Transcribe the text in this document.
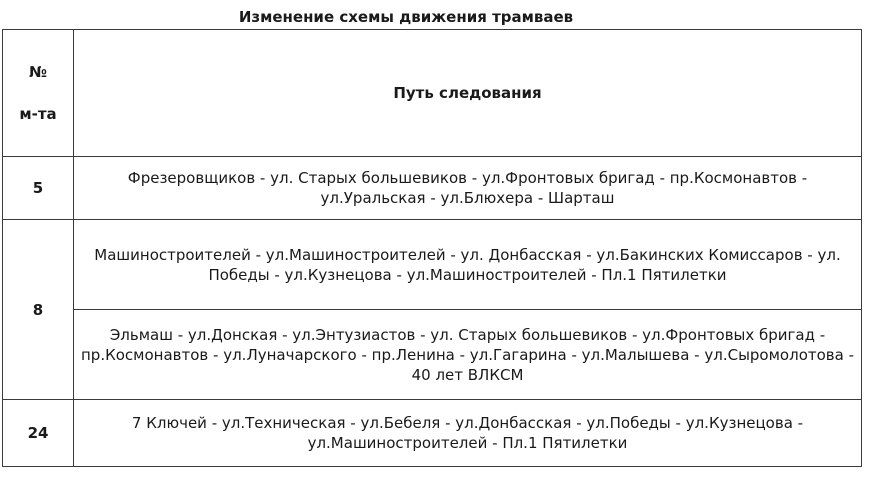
Изменение схемы движения трамваев
№
м-та	Путь следования
5	Фрезеровщиков - ул. Старых большевиков - ул.Фронтовых бригад - пр.Космонавтов - ул.Уральская - ул.Блюхера - Шарташ
8	Машиностроителей - ул.Машиностроителей - ул. Донбасская - ул.Бакинских Комиссаров - ул. Победы - ул.Кузнецова - ул.Машиностроителей - Пл.1 Пятилетки
	Эльмаш - ул.Донская - ул.Энтузиастов - ул. Старых большевиков - ул.Фронтовых бригад - пр.Космонавтов - ул.Луначарского - пр.Ленина - ул.Гагарина - ул.Малышева - ул.Сыромолотова - 40 лет ВЛКСМ
24	7 Ключей - ул.Техническая - ул.Бебеля - ул.Донбасская - ул.Победы - ул.Кузнецова - ул.Машиностроителей - Пл.1 Пятилетки
